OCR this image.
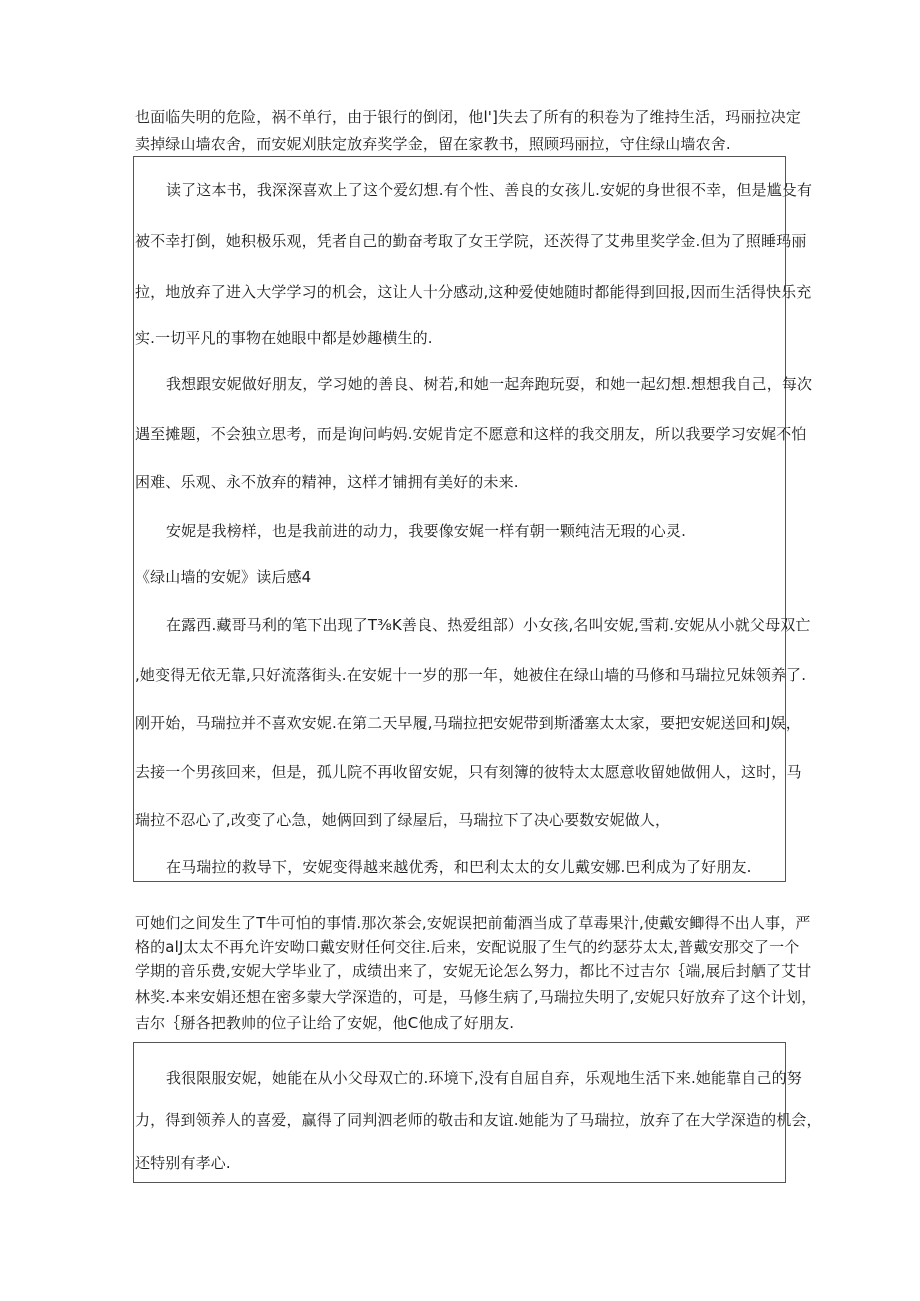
也面临失明的危险，祸不单行，由于银行的倒闭，他l']失去了所有的积卷为了维持生活，玛丽拉决定
卖掉绿山墙农舍，而安妮刈肤定放弃奖学金，留在家教书，照顾玛丽拉，守住绿山墙农舍.
读了这本书，我深深喜欢上了这个爱幻想.有个性、善良的女孩儿.安妮的身世很不幸，但是尴殳有
被不幸打倒，她积极乐观，凭者自己的勤奋考取了女王学院，还茨得了艾弗里奖学金.但为了照睡玛丽
拉，地放弃了进入大学学习的机会，这让人十分感动,这种爱使她随时都能得到回报,因而生活得快乐充
实.一切平凡的事物在她眼中都是妙趣横生的.
我想跟安妮做好朋友，学习她的善良、树若,和她一起奔跑玩耍，和她一起幻想.想想我自己，每次
遇至摊题，不会独立思考，而是询问屿妈.安妮肯定不愿意和这样的我交朋友，所以我要学习安娓不怕
困难、乐观、永不放弃的精神，这样才铺拥有美好的未来.
安妮是我榜样，也是我前进的动力，我要像安娓一样有朝一颗纯洁无瑕的心灵.
《绿山墙的安妮》读后感4
在露西.藏哥马利的笔下出现了T⅜K善良、热爱组部）小女孩,名叫安妮,雪莉.安妮从小就父母双亡
,她变得无依无靠,只好流落街头.在安妮十一岁的那一年，她被住在绿山墙的马修和马瑞拉兄妹领养了.
刚开始，马瑞拉并不喜欢安妮.在第二天早履,马瑞拉把安妮带到斯潘塞太太家，要把安妮送回和J娱，
去接一个男孩回来，但是，孤儿院不再收留安妮，只有刻簿的彼特太太愿意收留她做佣人，这时，马
瑞拉不忍心了,改变了心急，她俩回到了绿屋后，马瑞拉下了决心要数安妮做人，
在马瑞拉的救导下，安妮变得越来越优秀，和巴利太太的女儿戴安娜.巴利成为了好朋友.
可她们之间发生了T牛可怕的事情.那次茶会,安妮误把前葡酒当成了草毒果汁,使戴安鲫得不出人事，严
格的alJ太太不再允许安呦口戴安财任何交往.后来，安配说服了生气的约瑟芬太太,普戴安那交了一个
学期的音乐费,安妮大学毕业了，成绩出来了，安妮无论怎么努力，都比不过吉尔｛端,展后封舾了艾甘
林奖.本来安娟还想在密多蒙大学深造的，可是，马修生病了,马瑞拉失明了,安妮只好放弃了这个计划，
吉尔｛掰各把教帅的位子让给了安妮，他C他成了好朋友.
我很限服安妮，她能在从小父母双亡的.环境下,没有自屈自弃，乐观地生活下来.她能靠自己的努
力，得到领养人的喜爱，赢得了同判泗老师的敬击和友谊.她能为了马瑞拉，放弃了在大学深造的机会，
还特别有孝心.
